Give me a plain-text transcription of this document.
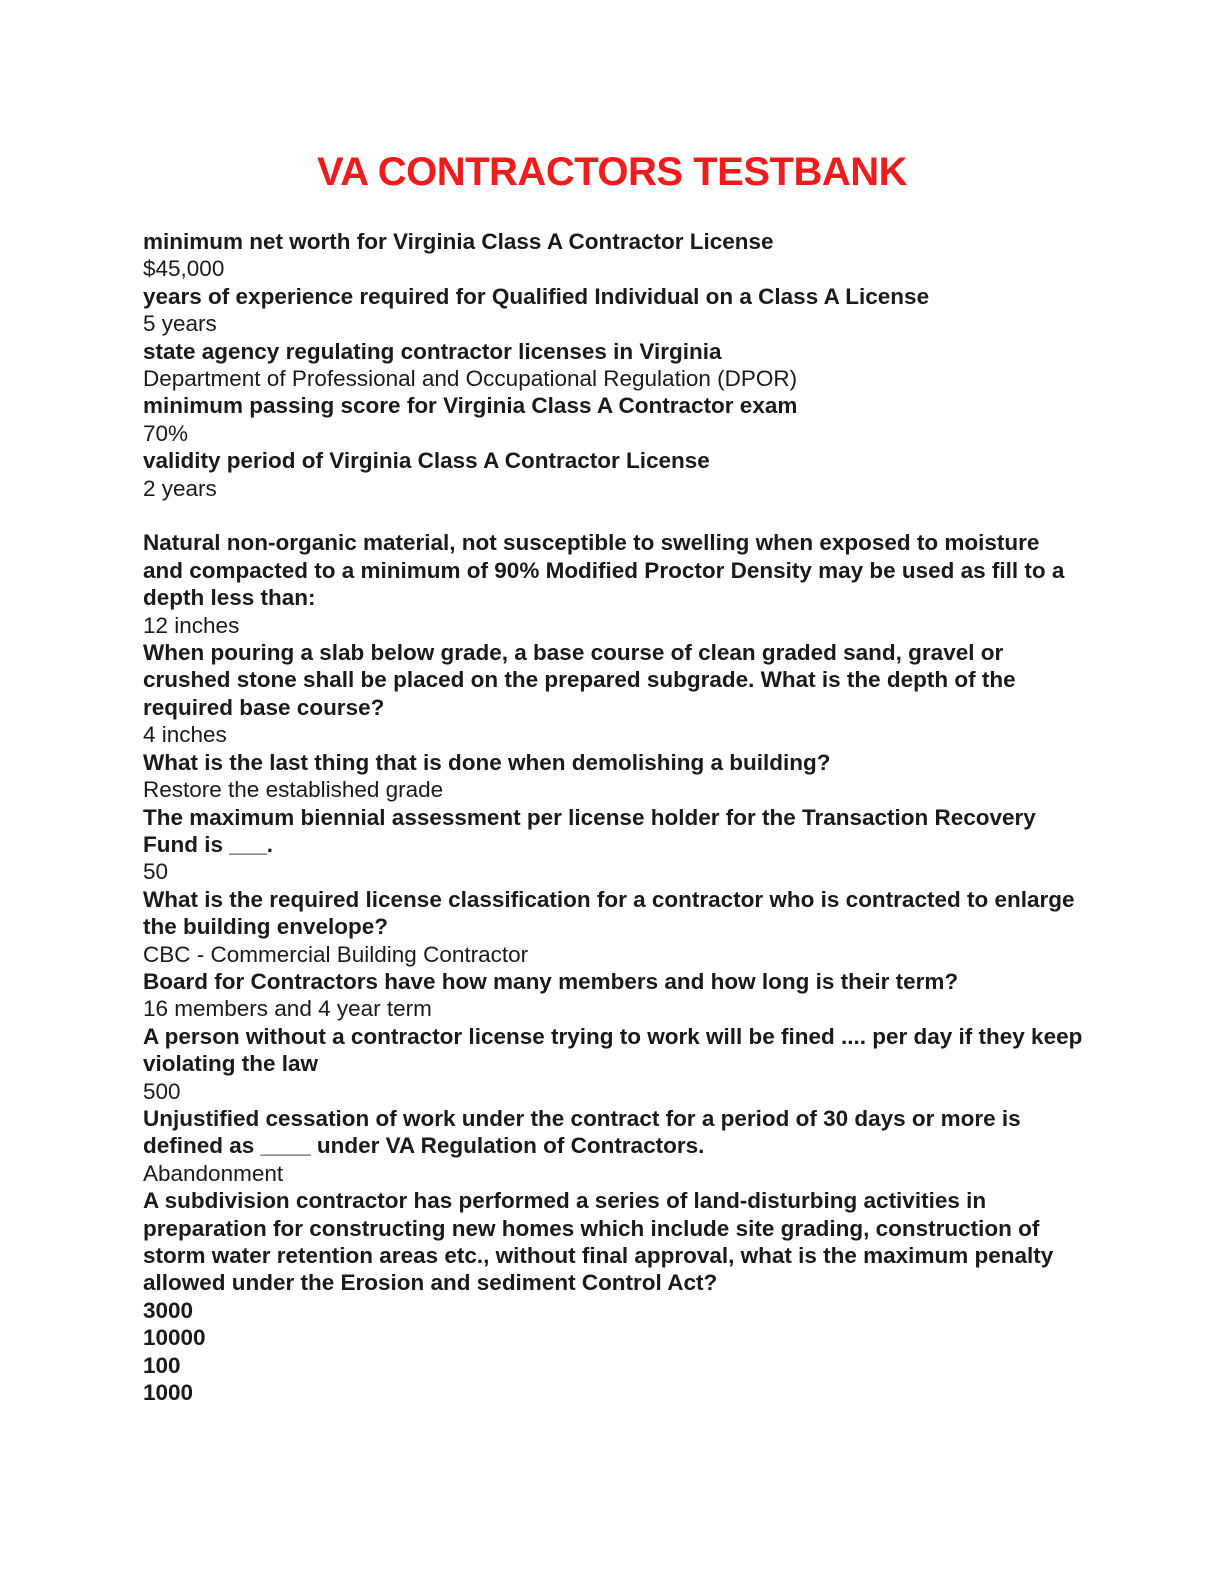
VA CONTRACTORS TESTBANK
minimum net worth for Virginia Class A Contractor License
$45,000
years of experience required for Qualified Individual on a Class A License
5 years
state agency regulating contractor licenses in Virginia
Department of Professional and Occupational Regulation (DPOR)
minimum passing score for Virginia Class A Contractor exam
70%
validity period of Virginia Class A Contractor License
2 years
Natural non-organic material, not susceptible to swelling when exposed to moisture and compacted to a minimum of 90% Modified Proctor Density may be used as fill to a depth less than:
12 inches
When pouring a slab below grade, a base course of clean graded sand, gravel or crushed stone shall be placed on the prepared subgrade. What is the depth of the required base course?
4 inches
What is the last thing that is done when demolishing a building?
Restore the established grade
The maximum biennial assessment per license holder for the Transaction Recovery Fund is ___.
50
What is the required license classification for a contractor who is contracted to enlarge the building envelope?
CBC - Commercial Building Contractor
Board for Contractors have how many members and how long is their term?
16 members and 4 year term
A person without a contractor license trying to work will be fined .... per day if they keep violating the law
500
Unjustified cessation of work under the contract for a period of 30 days or more is defined as ____ under VA Regulation of Contractors.
Abandonment
A subdivision contractor has performed a series of land-disturbing activities in preparation for constructing new homes which include site grading, construction of storm water retention areas etc., without final approval, what is the maximum penalty allowed under the Erosion and sediment Control Act?
3000
10000
100
1000
